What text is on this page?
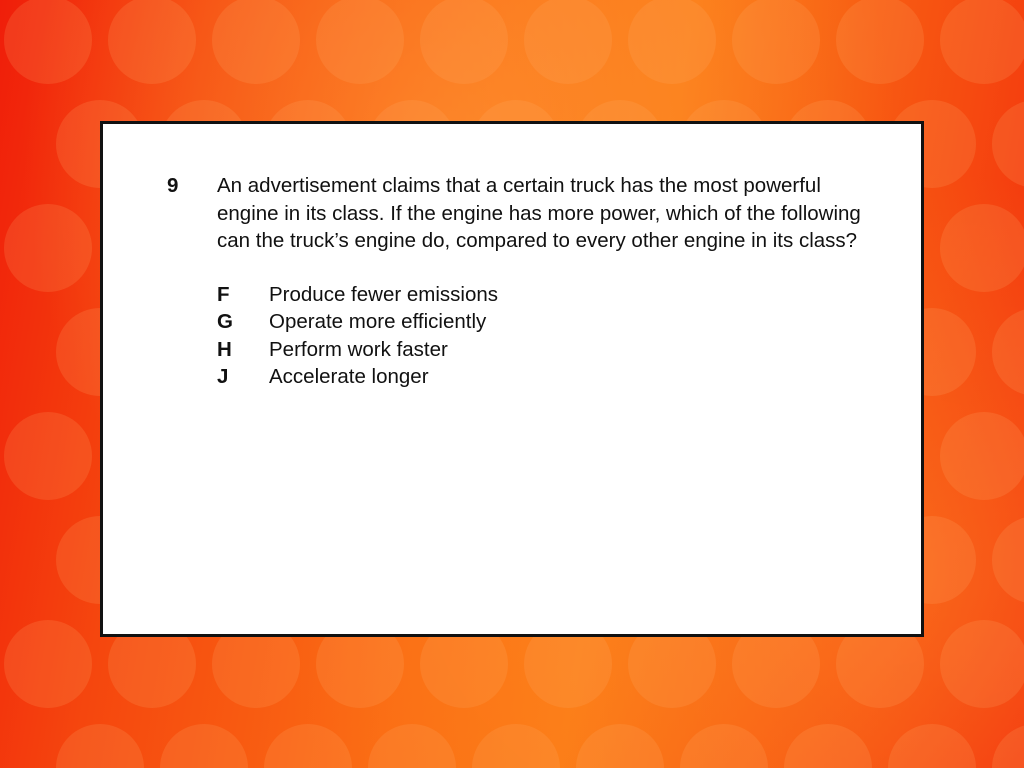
9	An advertisement claims that a certain truck has the most powerful engine in its class. If the engine has more power, which of the following can the truck’s engine do, compared to every other engine in its class?
F	Produce fewer emissions
G	Operate more efficiently
H	Perform work faster
J	Accelerate longer
